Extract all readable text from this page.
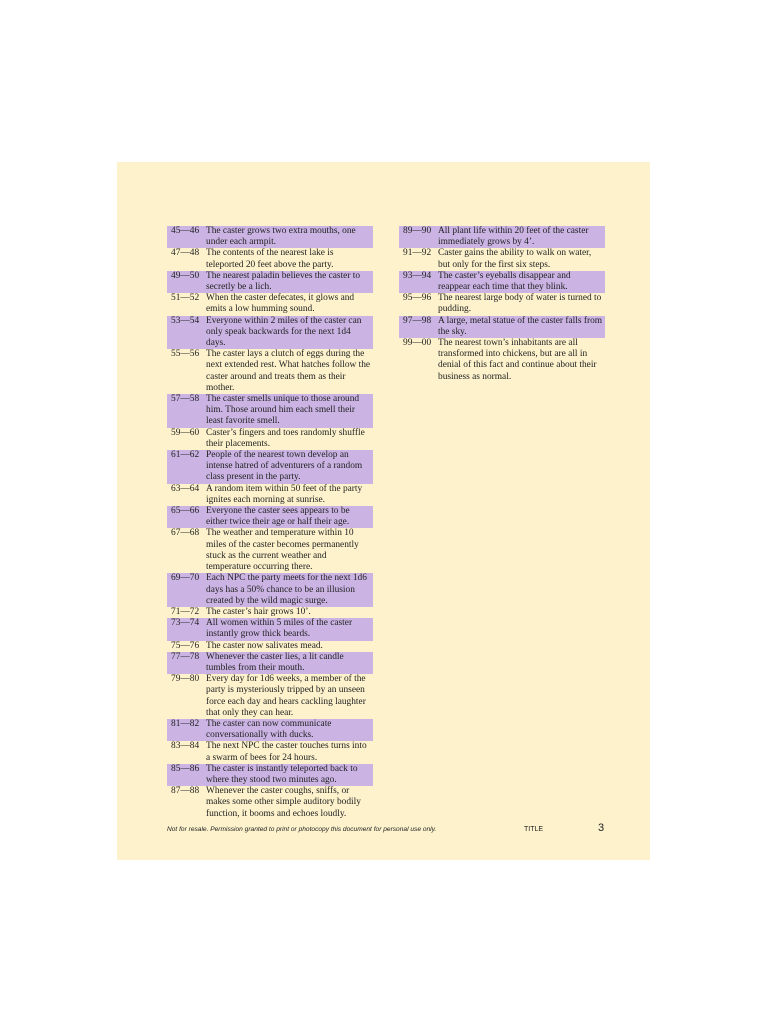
45—46 The caster grows two extra mouths, one under each armpit.
47—48 The contents of the nearest lake is teleported 20 feet above the party.
49—50 The nearest paladin believes the caster to secretly be a lich.
51—52 When the caster defecates, it glows and emits a low humming sound.
53—54 Everyone within 2 miles of the caster can only speak backwards for the next 1d4 days.
55—56 The caster lays a clutch of eggs during the next extended rest. What hatches follow the caster around and treats them as their mother.
57—58 The caster smells unique to those around him. Those around him each smell their least favorite smell.
59—60 Caster’s fingers and toes randomly shuffle their placements.
61—62 People of the nearest town develop an intense hatred of adventurers of a random class present in the party.
63—64 A random item within 50 feet of the party ignites each morning at sunrise.
65—66 Everyone the caster sees appears to be either twice their age or half their age.
67—68 The weather and temperature within 10 miles of the caster becomes permanently stuck as the current weather and temperature occurring there.
69—70 Each NPC the party meets for the next 1d6 days has a 50% chance to be an illusion created by the wild magic surge.
71—72 The caster’s hair grows 10’.
73—74 All women within 5 miles of the caster instantly grow thick beards.
75—76 The caster now salivates mead.
77—78 Whenever the caster lies, a lit candle tumbles from their mouth.
79—80 Every day for 1d6 weeks, a member of the party is mysteriously tripped by an unseen force each day and hears cackling laughter that only they can hear.
81—82 The caster can now communicate conversationally with ducks.
83—84 The next NPC the caster touches turns into a swarm of bees for 24 hours.
85—86 The caster is instantly teleported back to where they stood two minutes ago.
87—88 Whenever the caster coughs, sniffs, or makes some other simple auditory bodily function, it booms and echoes loudly.
89—90 All plant life within 20 feet of the caster immediately grows by 4’.
91—92 Caster gains the ability to walk on water, but only for the first six steps.
93—94 The caster’s eyeballs disappear and reappear each time that they blink.
95—96 The nearest large body of water is turned to pudding.
97—98 A large, metal statue of the caster falls from the sky.
99—00 The nearest town’s inhabitants are all transformed into chickens, but are all in denial of this fact and continue about their business as normal.
Not for resale. Permission granted to print or photocopy this document for personal use only.	TITLE	3
